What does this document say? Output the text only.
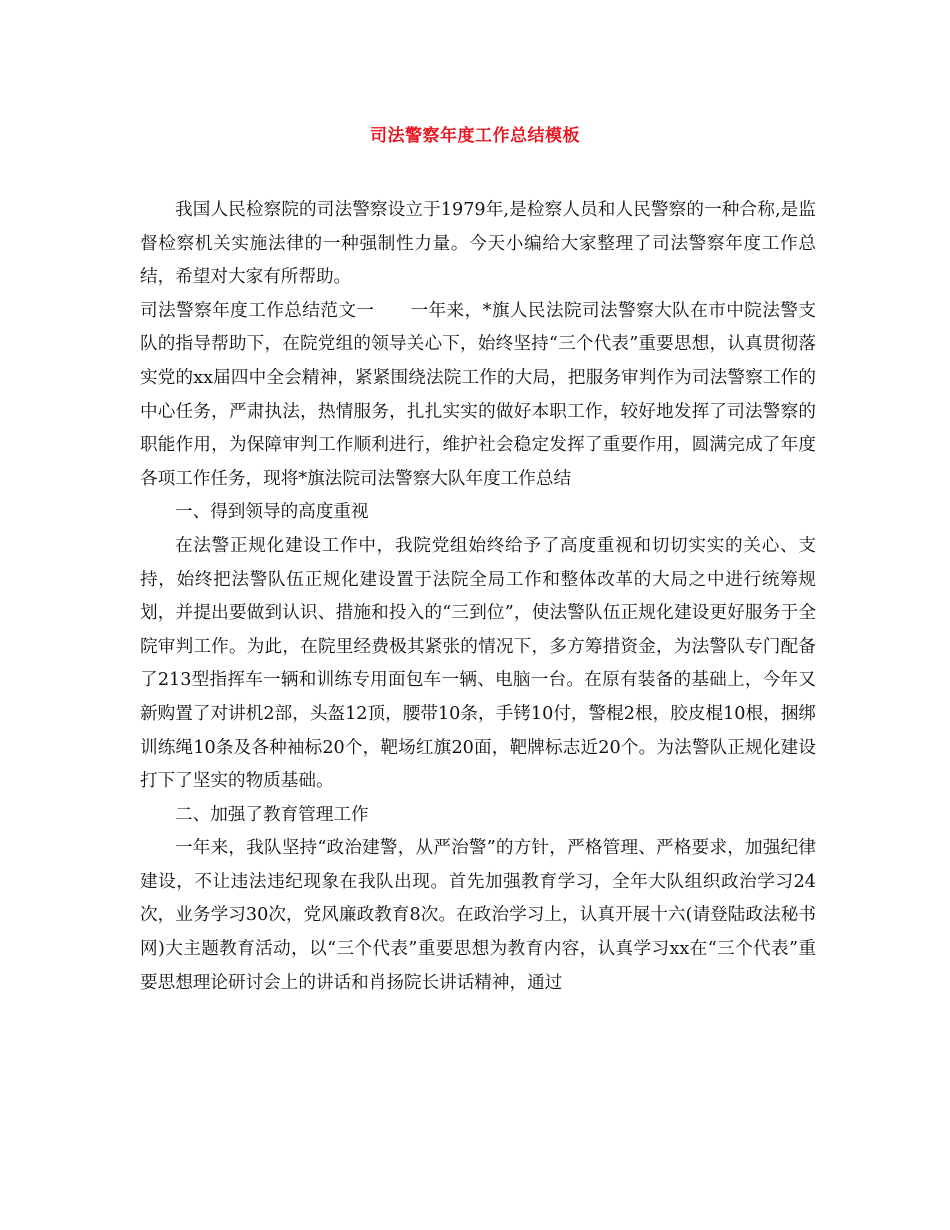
司法警察年度工作总结模板

我国人民检察院的司法警察设立于1979年,是检察人员和人民警察的一种合称,是监督检察机关实施法律的一种强制性力量。今天小编给大家整理了司法警察年度工作总结，希望对大家有所帮助。

司法警察年度工作总结范文一　　一年来，*旗人民法院司法警察大队在市中院法警支队的指导帮助下，在院党组的领导关心下，始终坚持“三个代表”重要思想，认真贯彻落实党的xx届四中全会精神，紧紧围绕法院工作的大局，把服务审判作为司法警察工作的中心任务，严肃执法，热情服务，扎扎实实的做好本职工作，较好地发挥了司法警察的职能作用，为保障审判工作顺利进行，维护社会稳定发挥了重要作用，圆满完成了年度各项工作任务，现将*旗法院司法警察大队年度工作总结

一、得到领导的高度重视

在法警正规化建设工作中，我院党组始终给予了高度重视和切切实实的关心、支持，始终把法警队伍正规化建设置于法院全局工作和整体改革的大局之中进行统筹规划，并提出要做到认识、措施和投入的“三到位”，使法警队伍正规化建设更好服务于全院审判工作。为此，在院里经费极其紧张的情况下，多方筹措资金，为法警队专门配备了213型指挥车一辆和训练专用面包车一辆、电脑一台。在原有装备的基础上，今年又新购置了对讲机2部，头盔12顶，腰带10条，手铐10付，警棍2根，胶皮棍10根，捆绑训练绳10条及各种袖标20个，靶场红旗20面，靶牌标志近20个。为法警队正规化建设打下了坚实的物质基础。

二、加强了教育管理工作

一年来，我队坚持“政治建警，从严治警”的方针，严格管理、严格要求，加强纪律建设，不让违法违纪现象在我队出现。首先加强教育学习，全年大队组织政治学习24次，业务学习30次，党风廉政教育8次。在政治学习上，认真开展十六(请登陆政法秘书网)大主题教育活动，以“三个代表”重要思想为教育内容，认真学习xx在“三个代表”重要思想理论研讨会上的讲话和肖扬院长讲话精神，通过
